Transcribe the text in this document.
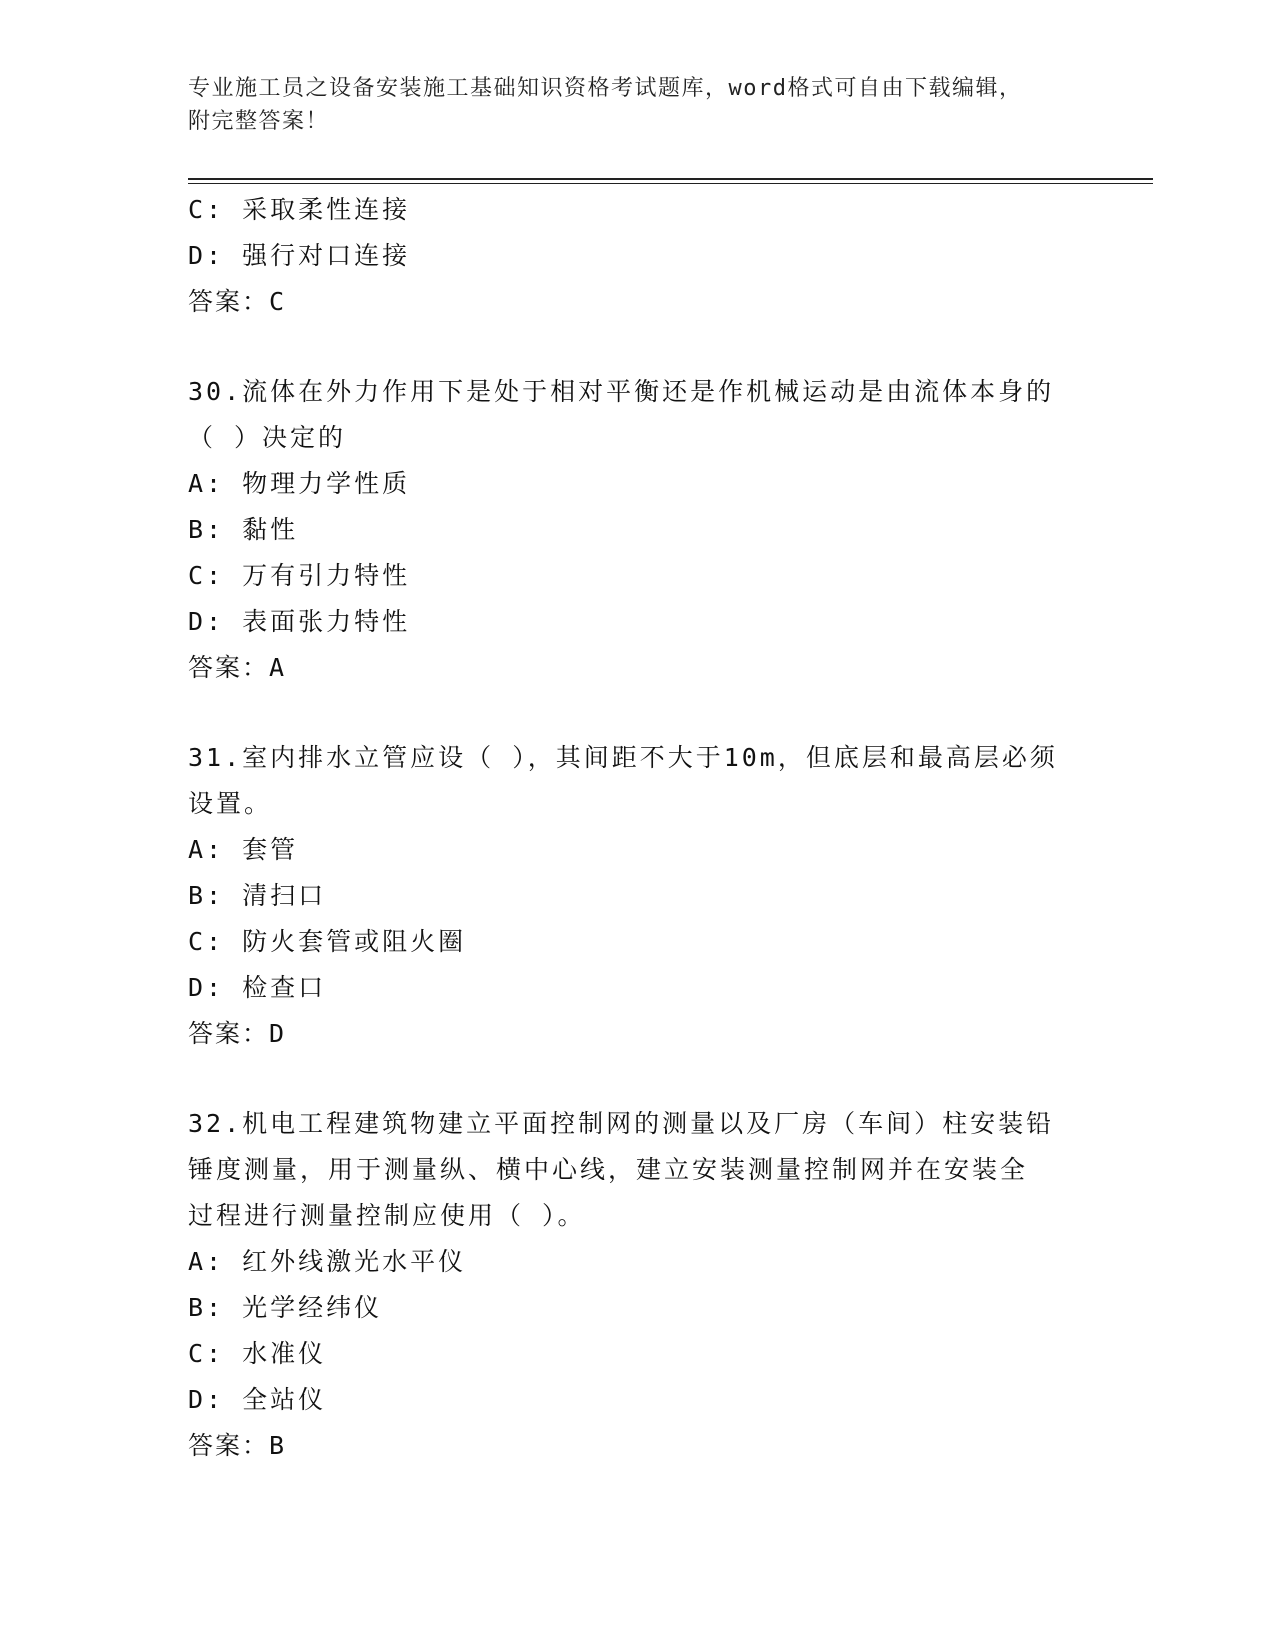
专业施工员之设备安装施工基础知识资格考试题库，word格式可自由下载编辑，
附完整答案！
C: 采取柔性连接
D: 强行对口连接
答案：C
30.流体在外力作用下是处于相对平衡还是作机械运动是由流体本身的
（ ）决定的
A: 物理力学性质
B: 黏性
C: 万有引力特性
D: 表面张力特性
答案：A
31.室内排水立管应设（ ），其间距不大于10m，但底层和最高层必须
设置。
A: 套管
B: 清扫口
C: 防火套管或阻火圈
D: 检查口
答案：D
32.机电工程建筑物建立平面控制网的测量以及厂房（车间）柱安装铅
锤度测量，用于测量纵、横中心线，建立安装测量控制网并在安装全
过程进行测量控制应使用（ ）。
A: 红外线激光水平仪
B: 光学经纬仪
C: 水准仪
D: 全站仪
答案：B
